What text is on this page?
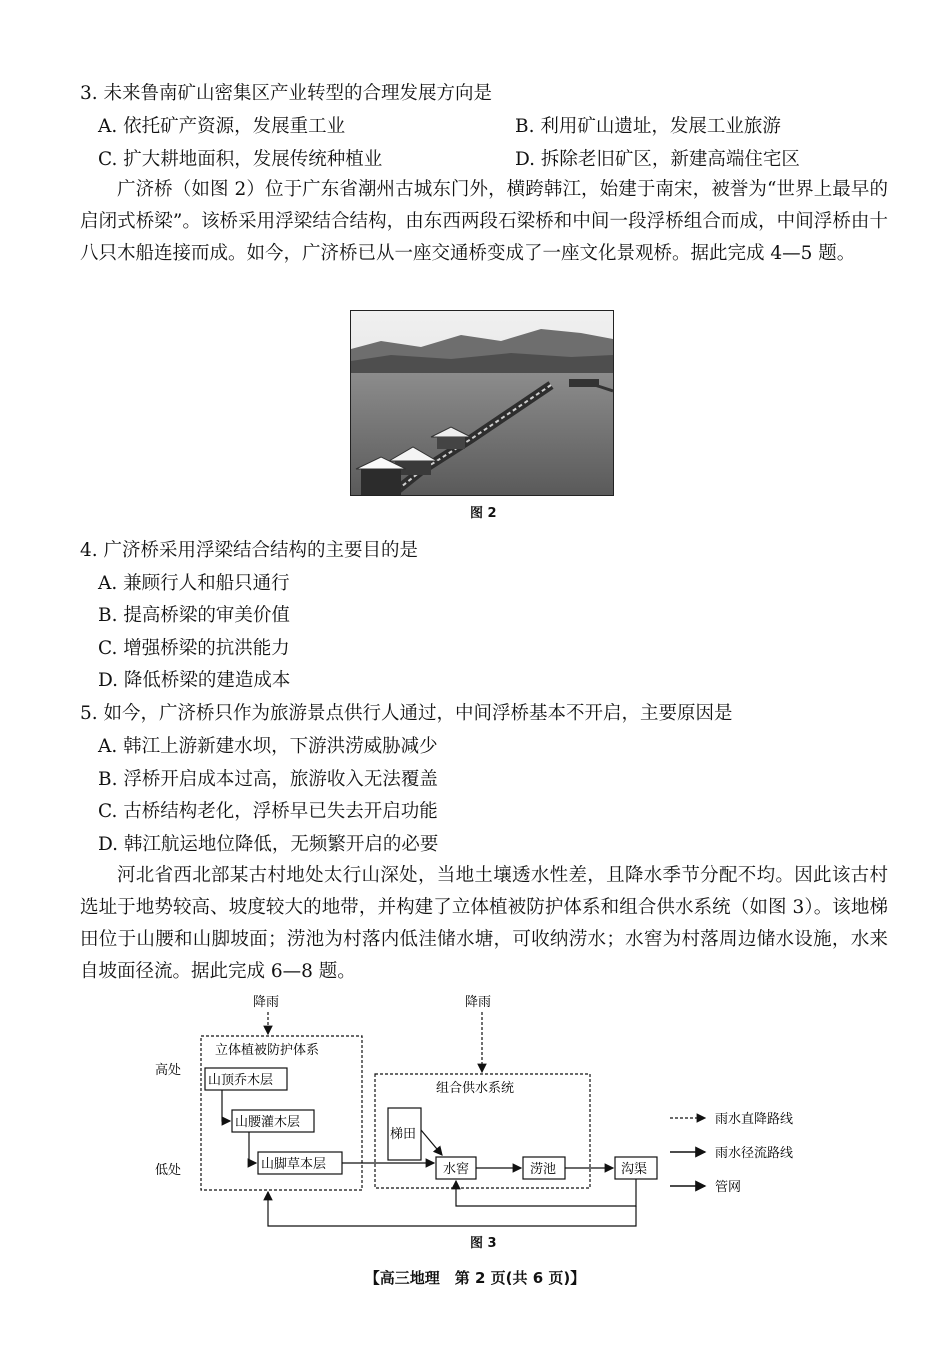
3. 未来鲁南矿山密集区产业转型的合理发展方向是
A. 依托矿产资源，发展重工业	B. 利用矿山遗址，发展工业旅游
C. 扩大耕地面积，发展传统种植业	D. 拆除老旧矿区，新建高端住宅区
广济桥（如图 2）位于广东省潮州古城东门外，横跨韩江，始建于南宋，被誉为“世界上最早的启闭式桥梁”。该桥采用浮梁结合结构，由东西两段石梁桥和中间一段浮桥组合而成，中间浮桥由十八只木船连接而成。如今，广济桥已从一座交通桥变成了一座文化景观桥。据此完成 4—5 题。
图 2
4. 广济桥采用浮梁结合结构的主要目的是
A. 兼顾行人和船只通行
B. 提高桥梁的审美价值
C. 增强桥梁的抗洪能力
D. 降低桥梁的建造成本
5. 如今，广济桥只作为旅游景点供行人通过，中间浮桥基本不开启，主要原因是
A. 韩江上游新建水坝，下游洪涝威胁减少
B. 浮桥开启成本过高，旅游收入无法覆盖
C. 古桥结构老化，浮桥早已失去开启功能
D. 韩江航运地位降低，无频繁开启的必要
河北省西北部某古村地处太行山深处，当地土壤透水性差，且降水季节分配不均。因此该古村选址于地势较高、坡度较大的地带，并构建了立体植被防护体系和组合供水系统（如图 3）。该地梯田位于山腰和山脚坡面；涝池为村落内低洼储水塘，可收纳涝水；水窖为村落周边储水设施，水来自坡面径流。据此完成 6—8 题。
降雨	降雨
高处
低处
立体植被防护体系
山顶乔木层
山腰灌木层
山脚草本层
组合供水系统
梯田
水窖	涝池	沟渠
雨水直降路线
雨水径流路线
管网
图 3
【高三地理　第 2 页(共 6 页)】
